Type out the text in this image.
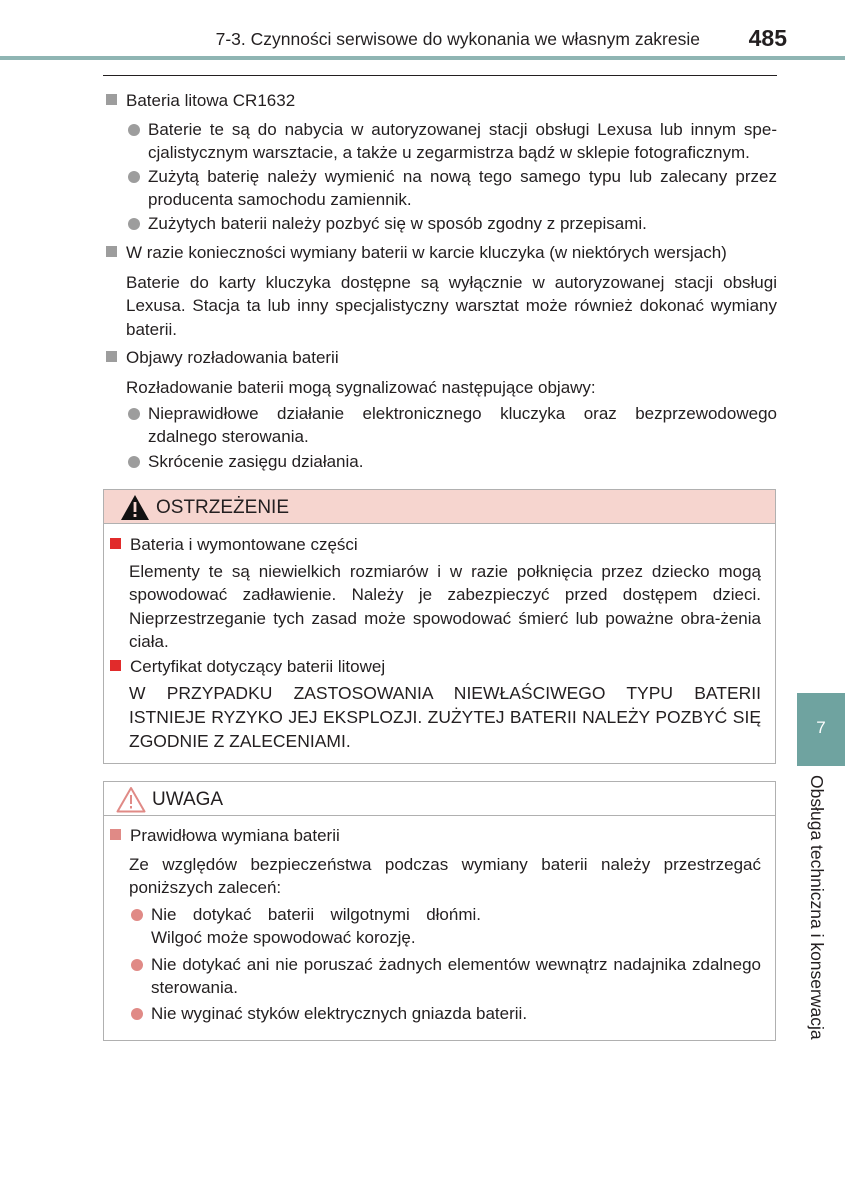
7-3. Czynności serwisowe do wykonania we własnym zakresie 485
Bateria litowa CR1632
Baterie te są do nabycia w autoryzowanej stacji obsługi Lexusa lub innym spe-cjalistycznym warsztacie, a także u zegarmistrza bądź w sklepie fotograficznym.
Zużytą baterię należy wymienić na nową tego samego typu lub zalecany przez producenta samochodu zamiennik.
Zużytych baterii należy pozbyć się w sposób zgodny z przepisami.
W razie konieczności wymiany baterii w karcie kluczyka (w niektórych wersjach)
Baterie do karty kluczyka dostępne są wyłącznie w autoryzowanej stacji obsługi Lexusa. Stacja ta lub inny specjalistyczny warsztat może również dokonać wymiany baterii.
Objawy rozładowania baterii
Rozładowanie baterii mogą sygnalizować następujące objawy:
Nieprawidłowe działanie elektronicznego kluczyka oraz bezprzewodowego zdalnego sterowania.
Skrócenie zasięgu działania.
OSTRZEŻENIE
Bateria i wymontowane części
Elementy te są niewielkich rozmiarów i w razie połknięcia przez dziecko mogą spowodować zadławienie. Należy je zabezpieczyć przed dostępem dzieci. Nieprzestrzeganie tych zasad może spowodować śmierć lub poważne obra-żenia ciała.
Certyfikat dotyczący baterii litowej
W PRZYPADKU ZASTOSOWANIA NIEWŁAŚCIWEGO TYPU BATERII ISTNIEJE RYZYKO JEJ EKSPLOZJI. ZUŻYTEJ BATERII NALEŻY POZBYĆ SIĘ ZGODNIE Z ZALECENIAMI.
UWAGA
Prawidłowa wymiana baterii
Ze względów bezpieczeństwa podczas wymiany baterii należy przestrzegać poniższych zaleceń:
Nie dotykać baterii wilgotnymi dłońmi. Wilgoć może spowodować korozję.
Nie dotykać ani nie poruszać żadnych elementów wewnątrz nadajnika zdalnego sterowania.
Nie wyginać styków elektrycznych gniazda baterii.
7
Obsługa techniczna i konserwacja
